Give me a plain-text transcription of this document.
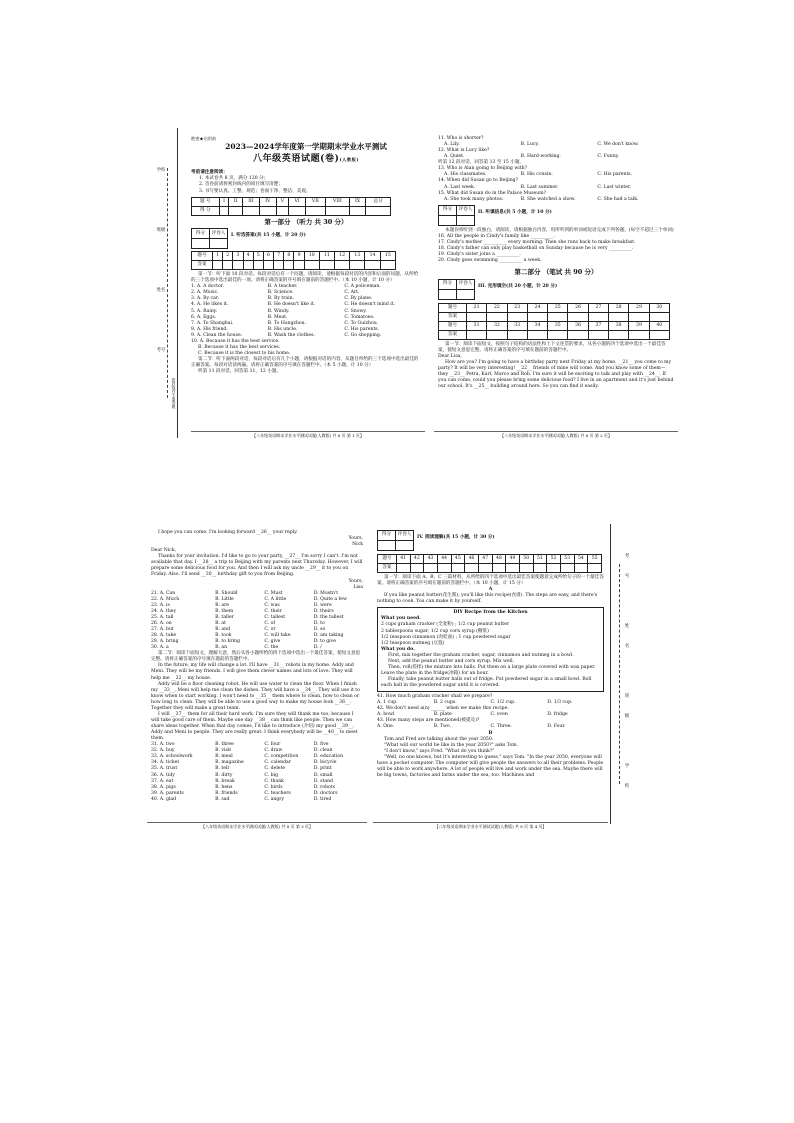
学校
班级
姓名
考号
密封线内不要答题
绝密★启用前
2023—2024学年度第一学期期末学业水平测试
八年级英语试题(卷)(人教版)
考前请注意阅读：
1. 本试卷共 8 页，满分 120 分；
2. 答卷前请将密封线内的项目填写清楚；
3. 书写要认真、工整、规范；卷面干净、整洁、美观。
题 号	I	II	III	IV	V	VI	VII	VIII	IX	总分
得 分										
第一部分 （听力 共 30 分）
得分	评卷人

I. 听选答案(共 15 小题，计 20 分)
题号	1	2	3	4	5	6	7	8	9	10	11	12	13	14	15
答案															

第一节：听下面 10 段对话。每段对话后有一个问题，请阅读，请根据每段对话的内容和后面的问题，从所给的三个选项中选出最佳的一项。请将正确答案的序号填在题前的答题栏中。（本 10 小题，计 10 分）

1. A. A doctor.	B. A teacher.	C. A policeman.
2. A. Music.	B. Science.	C. Art.
3. A. By car.	B. By train.	C. By plane.
4. A. He likes it.	B. He doesn't like it.	C. He doesn't mind it.
5. A. Rainy.	B. Windy.	C. Snowy.
6. A. Eggs.	B. Meat.	C. Tomatoes.
7. A. To Shanghai.	B. To Hangzhou.	C. To Guizhou.
8. A. His friend.	B. His uncle.	C. His parents.
9. A. Clean the house.	B. Wash the clothes.	C. Go shopping.
10. A. Because it has the best service.
B. Because it has the best services.
C. Because it is the closest to his home.

第二节：听下面两段对话，每段对话后有几个小题，请根据对话的内容，从题目所给的三个选项中选出最佳的正确答案。每段对话读两遍。请将正确答案的序号填在答题栏中。（本 5 小题，计 10 分）

听第 11 段对话，回答第 11、12 小题。

【八年级英语期末学业水平测试试题(人教版) 共 8 页 第 1 页】
11. Who is shorter?
A. Lily.	B. Lucy.	C. We don't know.
12. What is Lucy like?
A. Quiet.	B. Hard-working.	C. Funny.
听第 12 段对话，回答第 13 至 15 小题。
13. Who is Alan going to Beijing with?
A. His classmates.	B. His cousin.	C. His parents.
14. When did Susan go to Beijing?
A. Last week.	B. Last summer.	C. Last winter.
15. What did Susan do in the Palace Museum?
A. She took many photos.	B. She watched a show.	C. She had a talk.
得分	评卷人

II. 听填信息(共 5 小题，计 10 分)

本题你将听到一段独白，请阅读，请根据独白内容，用所听到的单词或短语完成下列各题。(每空不超过三个单词)

16. All the people in Cindy's family like __________.
17. Cindy's mother __________ every morning. Then she runs back to make breakfast.
18. Cindy's father can only play basketball on Sunday because he is very __________.
19. Cindy's sister joins a __________.
20. Cindy goes swimming __________ a week.
第二部分 （笔试 共 90 分）
得分	评卷人

III. 完形填空(共 20 小题，计 20 分)
题号	21	22	23	24	25	26	27	28	29	30
答案										
题号	31	32	33	34	35	36	37	38	39	40
答案										

第一节：阅读下面短文，按照句子结构的语法性和上下文连贯的要求，从各小题的四个选项中选出一个最佳答案，使短文意思完整。请将正确答案的序号填在题前的答题栏中。

Dear Lisa,

How are you? I'm going to have a birthday party next Friday at my home. __21__ you come to my party? It will be very interesting! __22__ friends of mine will come. And you know some of them—they __23__ Petra, Karl, Marco and Rob. I'm sure it will be exciting to talk and play with __24__. If you can come, could you please bring some delicious food? I live in an apartment and it's just behind our school. It's __25__ building around here. So you can find it easily.

【八年级英语期末学业水平测试试题(人教版) 共 8 页 第 2 页】

I hope you can come. I'm looking forward __26__ your reply.

Yours,
Nick
Dear Nick,

Thanks for your invitation. I'd like to go to your party, __27__ I'm sorry I can't. I'm not available that day. I __28__ a trip to Beijing with my parents next Thursday. However, I will prepare some delicious food for you. And then I will ask my uncle __29__ it to you on Friday. Also, I'll send __30__ birthday gift to you from Beijing.

Yours,
Lisa
21. A. Can	B. Should	C. Must	D. Mustn't
22. A. Much	B. Little	C. A little	D. Quite a few
23. A. is	B. are	C. was	D. were
24. A. they	B. them	C. their	D. theirs
25. A. tall	B. taller	C. tallest	D. the tallest
26. A. on	B. at	C. of	D. to
27. A. but	B. and	C. or	D. so
28. A. take	B. took	C. will take	D. am taking
29. A. bring	B. to bring	C. give	D. to give
30. A. a	B. an	C. the	D. /

第二节：阅读下面短文，理解大意，然后从各小题所给的四个选项中选出一个最佳答案，使短文意思完整。请将正确答案的序号填在题前的答题栏中。

In the future, my life will change a lot. I'll have __31__ robots in my home. Addy and Meni. They will be my friends. I will give them clever names and lots of love. They will help me __32__ my house.

Addy will be a floor cleaning robot. He will use water to clean the floor. When I finish my __33__, Meni will help me clean the dishes. They will have a __34__. They will use it to know when to start working. I won't need to __35__ them where to clean, how to clean or how long to clean. They will be able to use a good way to make my house look __36__. Together they will make a great team.

I will __37__ them for all their hard work. I'm sure they will thank me too, because I will take good care of them. Maybe one day __38__ can think like people. Then we can share ideas together. When that day comes, I'd like to introduce (介绍) my good __39__, Addy and Meni to people. They are really great. I think everybody will be __40__ to meet them.

31. A. two	B. three	C. four	D. five
32. A. buy	B. visit	C. draw	D. clean
33. A. schoolwork	B. meal	C. competition	D. education
34. A. ticket	B. magazine	C. calendar	D. bicycle
35. A. trust	B. tell	C. delete	D. print
36. A. tidy	B. dirty	C. big	D. small
37. A. eat	B. break	C. thank	D. stand
38. A. pigs	B. hens	C. birds	D. robots
39. A. parents	B. friends	C. teachers	D. doctors
40. A. glad	B. sad	C. angry	D. tired
【八年级英语期末学业水平测试试题(人教版) 共 8 页 第 3 页】
得分	评卷人

IV. 阅读理解(共 15 小题，计 30 分)
题号	41	42	43	44	45	46	47	48	49	50	51	52	53	54	55
答案															

第一节：阅读下面 A、B、C 三篇材料，从所给的四个选项中选出最佳答案使题意完成所给句子的一个最佳答案。请将正确答案的序号填在题前的答题栏中。（本 10 小题，计 15 分）

A

If you like peanut butter(花生酱), you'll like this recipe(食谱). The steps are easy, and there's nothing to cook. You can make it by yourself.

DIY Recipe from the Kitchen
What you need.
2 cups graham cracker (全麦粉) ; 1/2 cup peanut butter
2 tablespoons sugar; 1/2 cup corn syrup (糖浆)
1/2 teaspoon cinnamon (肉桂面) ; 1 cup powdered sugar
1/2 teaspoon nutmeg (豆蔻)
What you do.
First, mix together the graham cracker, sugar, cinnamon and nutmeg in a bowl.
Next, add the peanut butter and corn syrup. Mix well.
Then, roll(搓揉) the mixture into balls. Put them on a large plate covered with wax paper. Leave the plate in the fridge(冰箱) for an hour.
Finally, take peanut butter balls out of fridge. Put powdered sugar in a small bowl. Roll each ball in the powdered sugar until it is covered.
41. How much graham cracker shall we prepare?
A. 1 cup.	B. 2 cups.	C. 1/2 cup.	D. 1/3 cup.
42. We don't need a(n) ______ when we make this recipe.
A. bowl	B. plate	C. oven	D. fridge
43. How many steps are mentioned(被提及)?
A. One.	B. Two.	C. Three.	D. Four.
B

Tom and Fred are talking about the year 2050.

"What will our world be like in the year 2050?" asks Tom.

"I don't know," says Fred. "What do you think?"

"Well, no one knows, but it's interesting to guess," says Tom. "In the year 2050, everyone will have a pocket computer. The computer will give people the answers to all their problems. People will be able to work anywhere. A lot of people will live and work under the sea. Maybe there will be big towns, factories and farms under the sea, too. Machines and

考
号
姓
名
班
级
学
校
【八年级英语期末学业水平测试试题(人教版) 共 8 页 第 4 页】
